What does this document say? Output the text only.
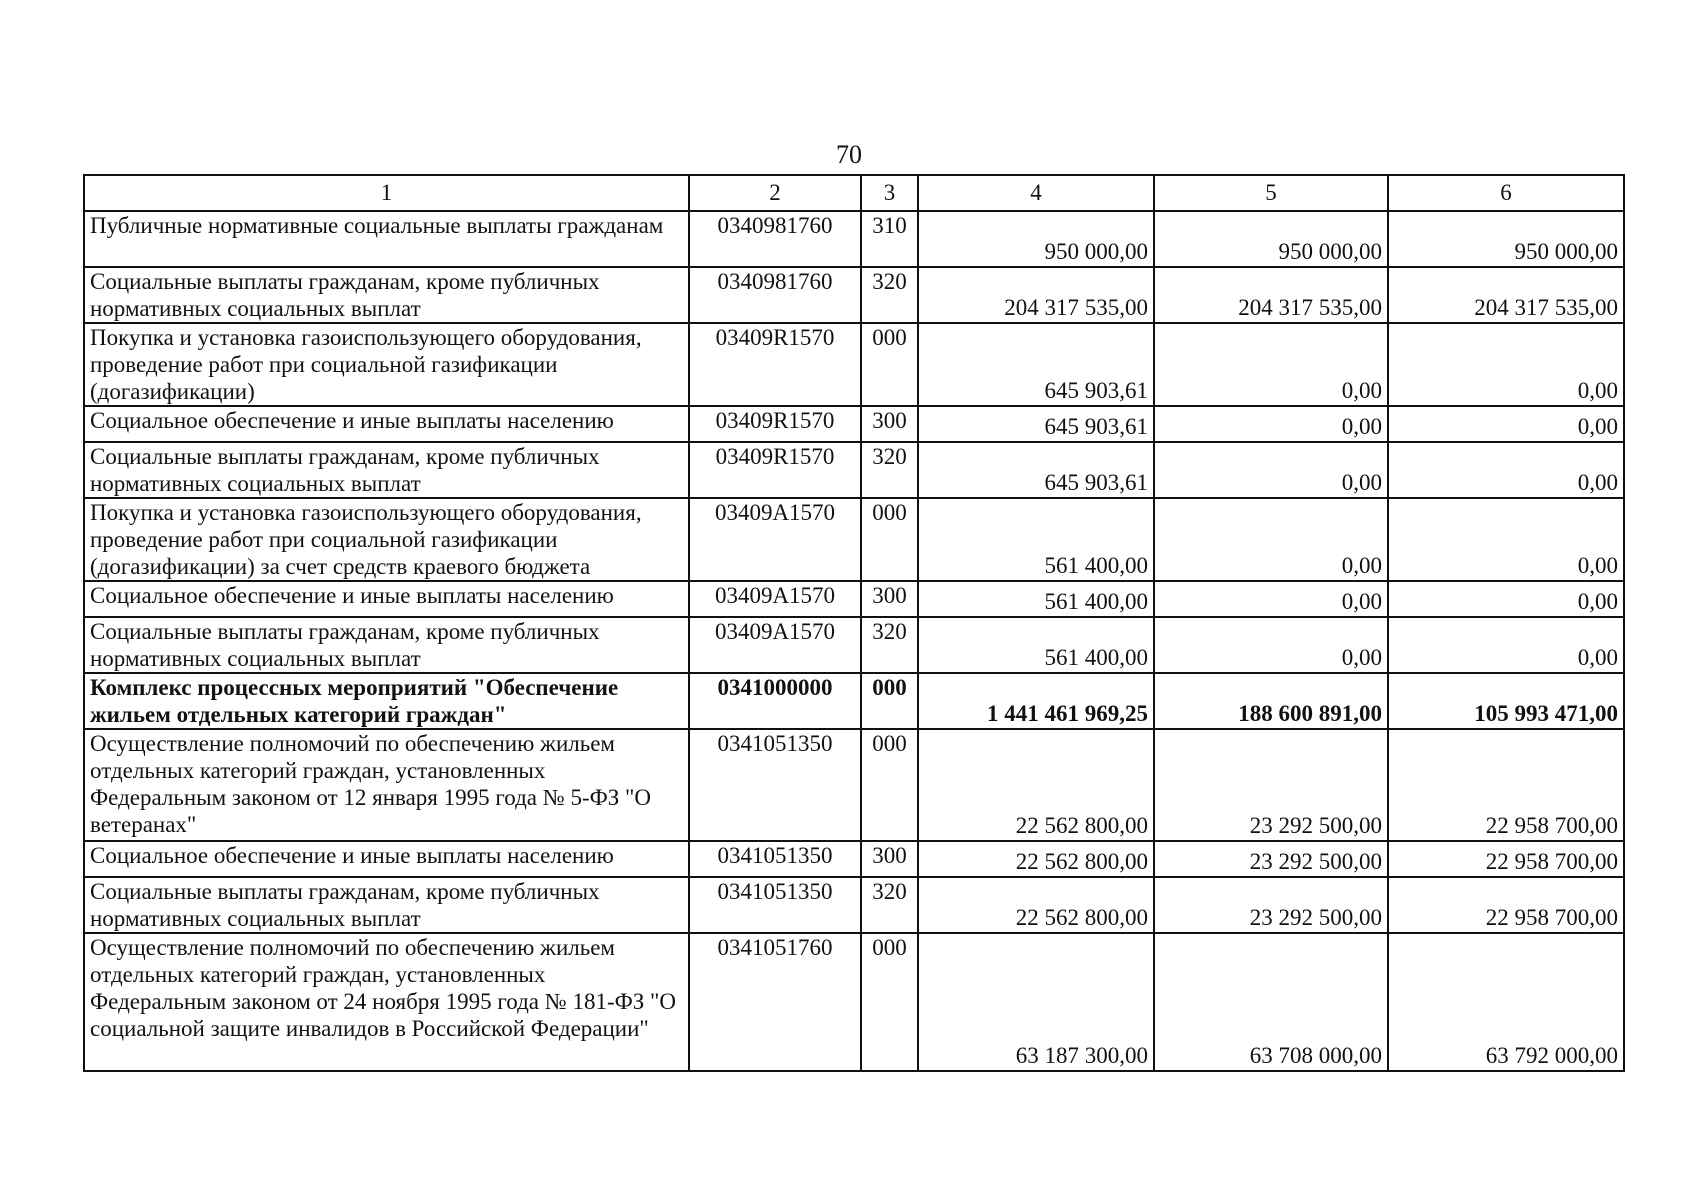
70
1	2	3	4	5	6
Публичные нормативные социальные выплаты гражданам	0340981760	310	950 000,00	950 000,00	950 000,00
Социальные выплаты гражданам, кроме публичных нормативных социальных выплат	0340981760	320	204 317 535,00	204 317 535,00	204 317 535,00
Покупка и установка газоиспользующего оборудования, проведение работ при социальной газификации (догазификации)	03409R1570	000	645 903,61	0,00	0,00
Социальное обеспечение и иные выплаты населению	03409R1570	300	645 903,61	0,00	0,00
Социальные выплаты гражданам, кроме публичных нормативных социальных выплат	03409R1570	320	645 903,61	0,00	0,00
Покупка и установка газоиспользующего оборудования, проведение работ при социальной газификации (догазификации) за счет средств краевого бюджета	03409A1570	000	561 400,00	0,00	0,00
Социальное обеспечение и иные выплаты населению	03409A1570	300	561 400,00	0,00	0,00
Социальные выплаты гражданам, кроме публичных нормативных социальных выплат	03409A1570	320	561 400,00	0,00	0,00
Комплекс процессных мероприятий "Обеспечение жильем отдельных категорий граждан"	0341000000	000	1 441 461 969,25	188 600 891,00	105 993 471,00
Осуществление полномочий по обеспечению жильем отдельных категорий граждан, установленных Федеральным законом от 12 января 1995 года № 5-ФЗ "О ветеранах"	0341051350	000	22 562 800,00	23 292 500,00	22 958 700,00
Социальное обеспечение и иные выплаты населению	0341051350	300	22 562 800,00	23 292 500,00	22 958 700,00
Социальные выплаты гражданам, кроме публичных нормативных социальных выплат	0341051350	320	22 562 800,00	23 292 500,00	22 958 700,00
Осуществление полномочий по обеспечению жильем отдельных категорий граждан, установленных Федеральным законом от 24 ноября 1995 года № 181-ФЗ "О социальной защите инвалидов в Российской Федерации"	0341051760	000	63 187 300,00	63 708 000,00	63 792 000,00
